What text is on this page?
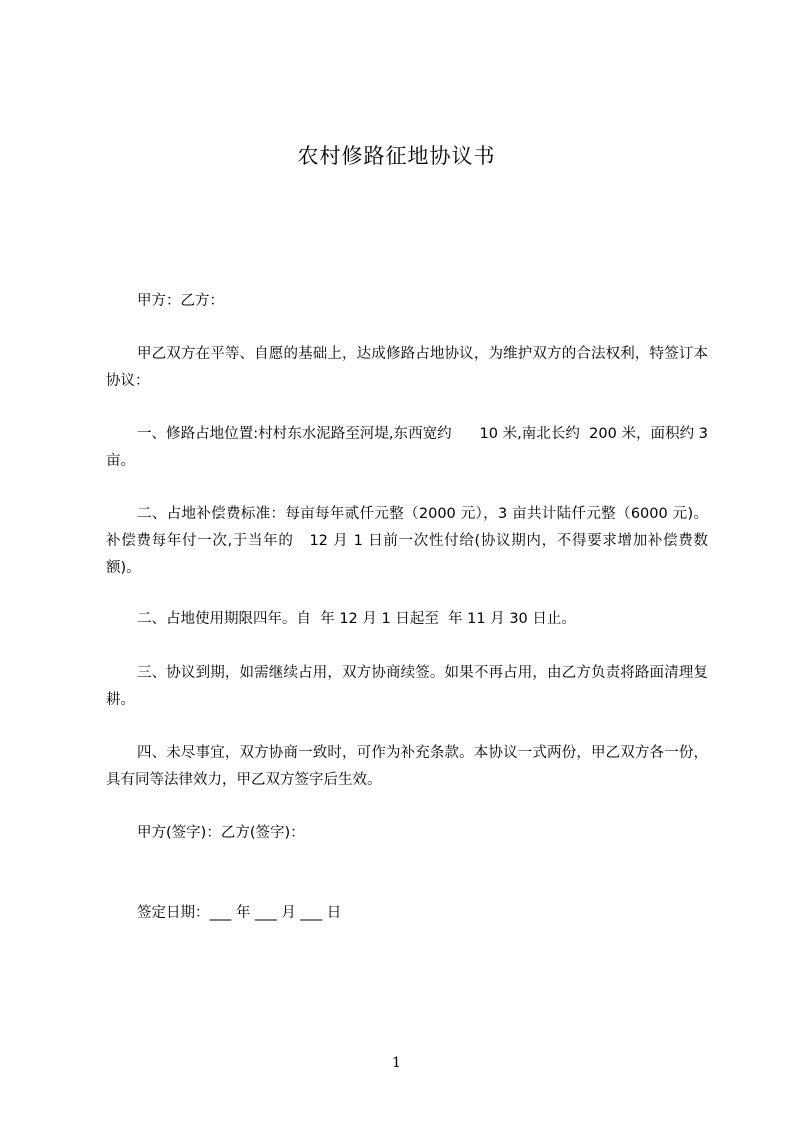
农村修路征地协议书
甲方：乙方：
甲乙双方在平等、自愿的基础上，达成修路占地协议，为维护双方的合法权利，特签订本协议：
一、修路占地位置:村村东水泥路至河堤,东西宽约      10 米,南北长约  200 米，面积约 3 亩。
二、占地补偿费标准：每亩每年贰仟元整（2000 元），3 亩共计陆仟元整（6000 元)。补偿费每年付一次,于当年的   12 月 1 日前一次性付给(协议期内，不得要求增加补偿费数额)。
二、占地使用期限四年。自  年 12 月 1 日起至  年 11 月 30 日止。
三、协议到期，如需继续占用，双方协商续签。如果不再占用，由乙方负责将路面清理复耕。
四、未尽事宜，双方协商一致时，可作为补充条款。本协议一式两份，甲乙双方各一份，具有同等法律效力，甲乙双方签字后生效。
甲方(签字)：乙方(签字)：
签定日期：___ 年 ___ 月 ___ 日
1
